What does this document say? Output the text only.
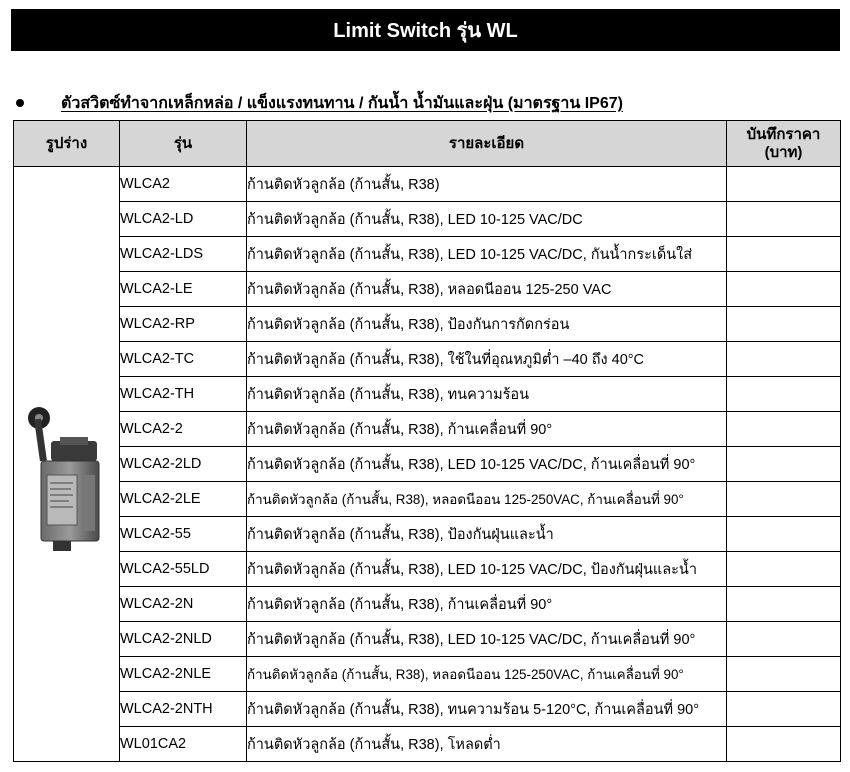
Limit Switch รุ่น WL
ตัวสวิตซ์ทำจากเหล็กหล่อ / แข็งแรงทนทาน / กันน้ำ น้ำมันและฝุ่น (มาตรฐาน IP67)
รูปร่าง	รุ่น	รายละเอียด	บันทึกราคา
(บาท)
	WLCA2	ก้านติดหัวลูกล้อ (ก้านสั้น, R38)	
	WLCA2-LD	ก้านติดหัวลูกล้อ (ก้านสั้น, R38), LED 10-125 VAC/DC	
	WLCA2-LDS	ก้านติดหัวลูกล้อ (ก้านสั้น, R38), LED 10-125 VAC/DC, กันน้ำกระเด็นใส่	
	WLCA2-LE	ก้านติดหัวลูกล้อ (ก้านสั้น, R38), หลอดนีออน 125-250 VAC	
	WLCA2-RP	ก้านติดหัวลูกล้อ (ก้านสั้น, R38), ป้องกันการกัดกร่อน	
	WLCA2-TC	ก้านติดหัวลูกล้อ (ก้านสั้น, R38), ใช้ในที่อุณหภูมิต่ำ –40 ถึง 40°C	
	WLCA2-TH	ก้านติดหัวลูกล้อ (ก้านสั้น, R38), ทนความร้อน	
	WLCA2-2	ก้านติดหัวลูกล้อ (ก้านสั้น, R38), ก้านเคลื่อนที่ 90°	
	WLCA2-2LD	ก้านติดหัวลูกล้อ (ก้านสั้น, R38), LED 10-125 VAC/DC, ก้านเคลื่อนที่ 90°	
	WLCA2-2LE	ก้านติดหัวลูกล้อ (ก้านสั้น, R38), หลอดนีออน 125-250VAC, ก้านเคลื่อนที่ 90°	
	WLCA2-55	ก้านติดหัวลูกล้อ (ก้านสั้น, R38), ป้องกันฝุ่นและน้ำ	
	WLCA2-55LD	ก้านติดหัวลูกล้อ (ก้านสั้น, R38), LED 10-125 VAC/DC, ป้องกันฝุ่นและน้ำ	
	WLCA2-2N	ก้านติดหัวลูกล้อ (ก้านสั้น, R38), ก้านเคลื่อนที่ 90°	
	WLCA2-2NLD	ก้านติดหัวลูกล้อ (ก้านสั้น, R38), LED 10-125 VAC/DC, ก้านเคลื่อนที่ 90°	
	WLCA2-2NLE	ก้านติดหัวลูกล้อ (ก้านสั้น, R38), หลอดนีออน 125-250VAC, ก้านเคลื่อนที่ 90°	
	WLCA2-2NTH	ก้านติดหัวลูกล้อ (ก้านสั้น, R38), ทนความร้อน 5-120°C, ก้านเคลื่อนที่ 90°	
	WL01CA2	ก้านติดหัวลูกล้อ (ก้านสั้น, R38), โหลดต่ำ	
